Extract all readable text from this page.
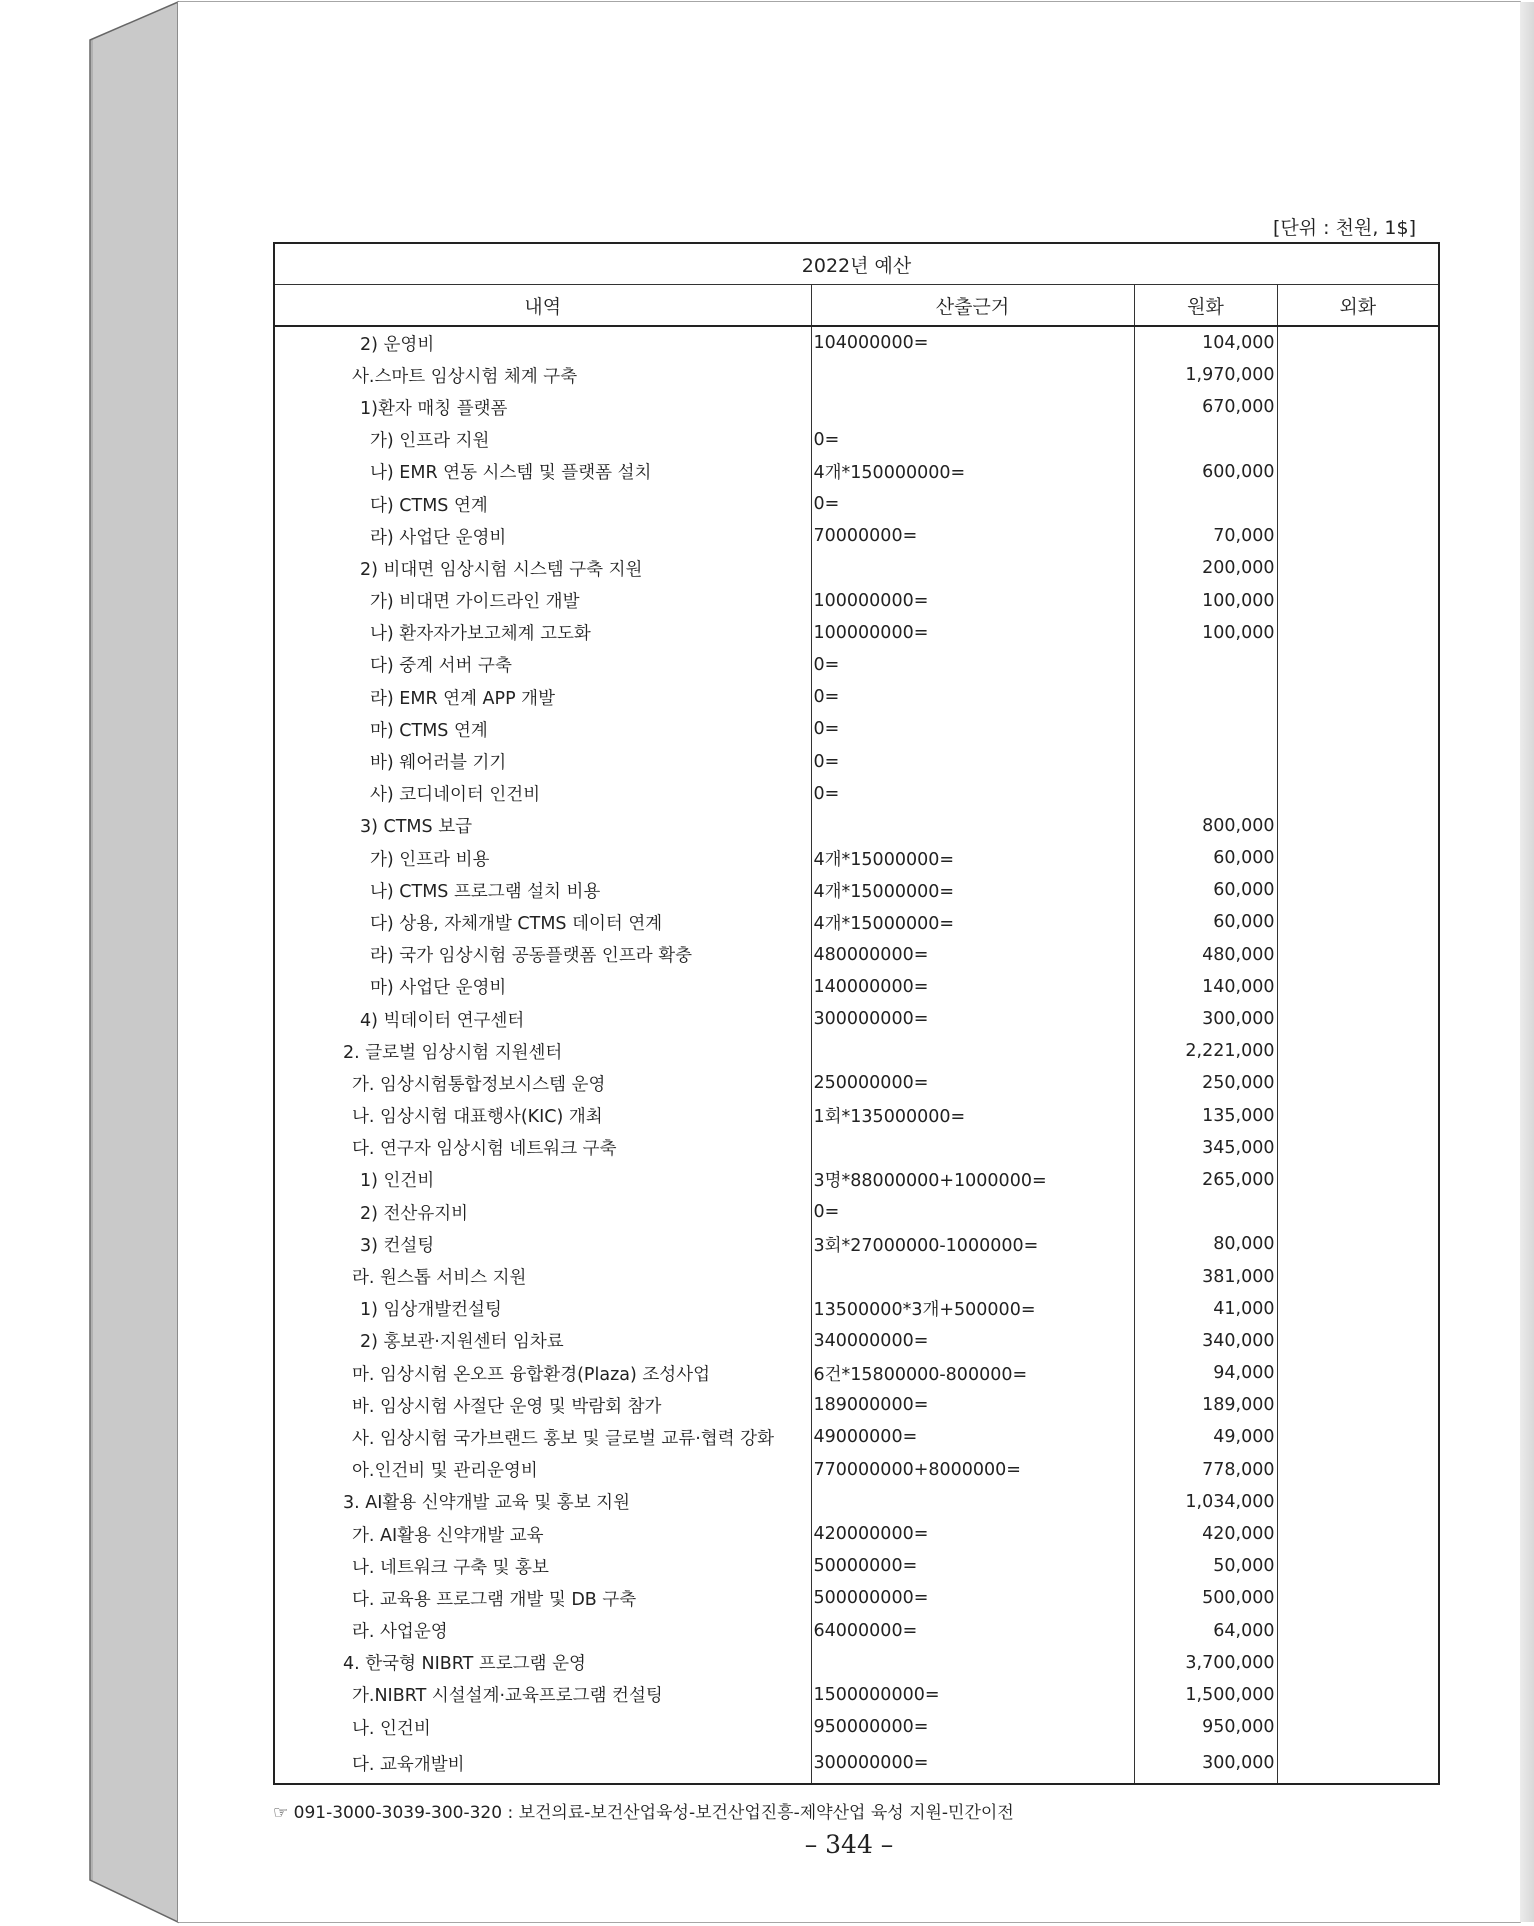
[단위 : 천원, 1$]
2022년 예산			
내역	산출근거	원화	외화
2) 운영비	104000000=	104,000	
사.스마트 임상시험 체계 구축		1,970,000	
1)환자 매칭 플랫폼		670,000	
가) 인프라 지원	0=		
나) EMR 연동 시스템 및 플랫폼 설치	4개*150000000=	600,000	
다) CTMS 연계	0=		
라) 사업단 운영비	70000000=	70,000	
2) 비대면 임상시험 시스템 구축 지원		200,000	
가) 비대면 가이드라인 개발	100000000=	100,000	
나) 환자자가보고체계 고도화	100000000=	100,000	
다) 중계 서버 구축	0=		
라) EMR 연계 APP 개발	0=		
마) CTMS 연계	0=		
바) 웨어러블 기기	0=		
사) 코디네이터 인건비	0=		
3) CTMS 보급		800,000	
가) 인프라 비용	4개*15000000=	60,000	
나) CTMS 프로그램 설치 비용	4개*15000000=	60,000	
다) 상용, 자체개발 CTMS 데이터 연계	4개*15000000=	60,000	
라) 국가 임상시험 공동플랫폼 인프라 확충	480000000=	480,000	
마) 사업단 운영비	140000000=	140,000	
4) 빅데이터 연구센터	300000000=	300,000	
2. 글로벌 임상시험 지원센터		2,221,000	
가. 임상시험통합정보시스템 운영	250000000=	250,000	
나. 임상시험 대표행사(KIC) 개최	1회*135000000=	135,000	
다. 연구자 임상시험 네트워크 구축		345,000	
1) 인건비	3명*88000000+1000000=	265,000	
2) 전산유지비	0=		
3) 컨설팅	3회*27000000-1000000=	80,000	
라. 원스톱 서비스 지원		381,000	
1) 임상개발컨설팅	13500000*3개+500000=	41,000	
2) 홍보관·지원센터 임차료	340000000=	340,000	
마. 임상시험 온오프 융합환경(Plaza) 조성사업	6건*15800000-800000=	94,000	
바. 임상시험 사절단 운영 및 박람회 참가	189000000=	189,000	
사. 임상시험 국가브랜드 홍보 및 글로벌 교류·협력 강화	49000000=	49,000	
아.인건비 및 관리운영비	770000000+8000000=	778,000	
3. AI활용 신약개발 교육 및 홍보 지원		1,034,000	
가. AI활용 신약개발 교육	420000000=	420,000	
나. 네트워크 구축 및 홍보	50000000=	50,000	
다. 교육용 프로그램 개발 및 DB 구축	500000000=	500,000	
라. 사업운영	64000000=	64,000	
4. 한국형 NIBRT 프로그램 운영		3,700,000	
가.NIBRT 시설설계·교육프로그램 컨설팅	1500000000=	1,500,000	
나. 인건비	950000000=	950,000	
다. 교육개발비	300000000=	300,000	
☞ 091-3000-3039-300-320 : 보건의료-보건산업육성-보건산업진흥-제약산업 육성 지원-민간이전
– 344 –
